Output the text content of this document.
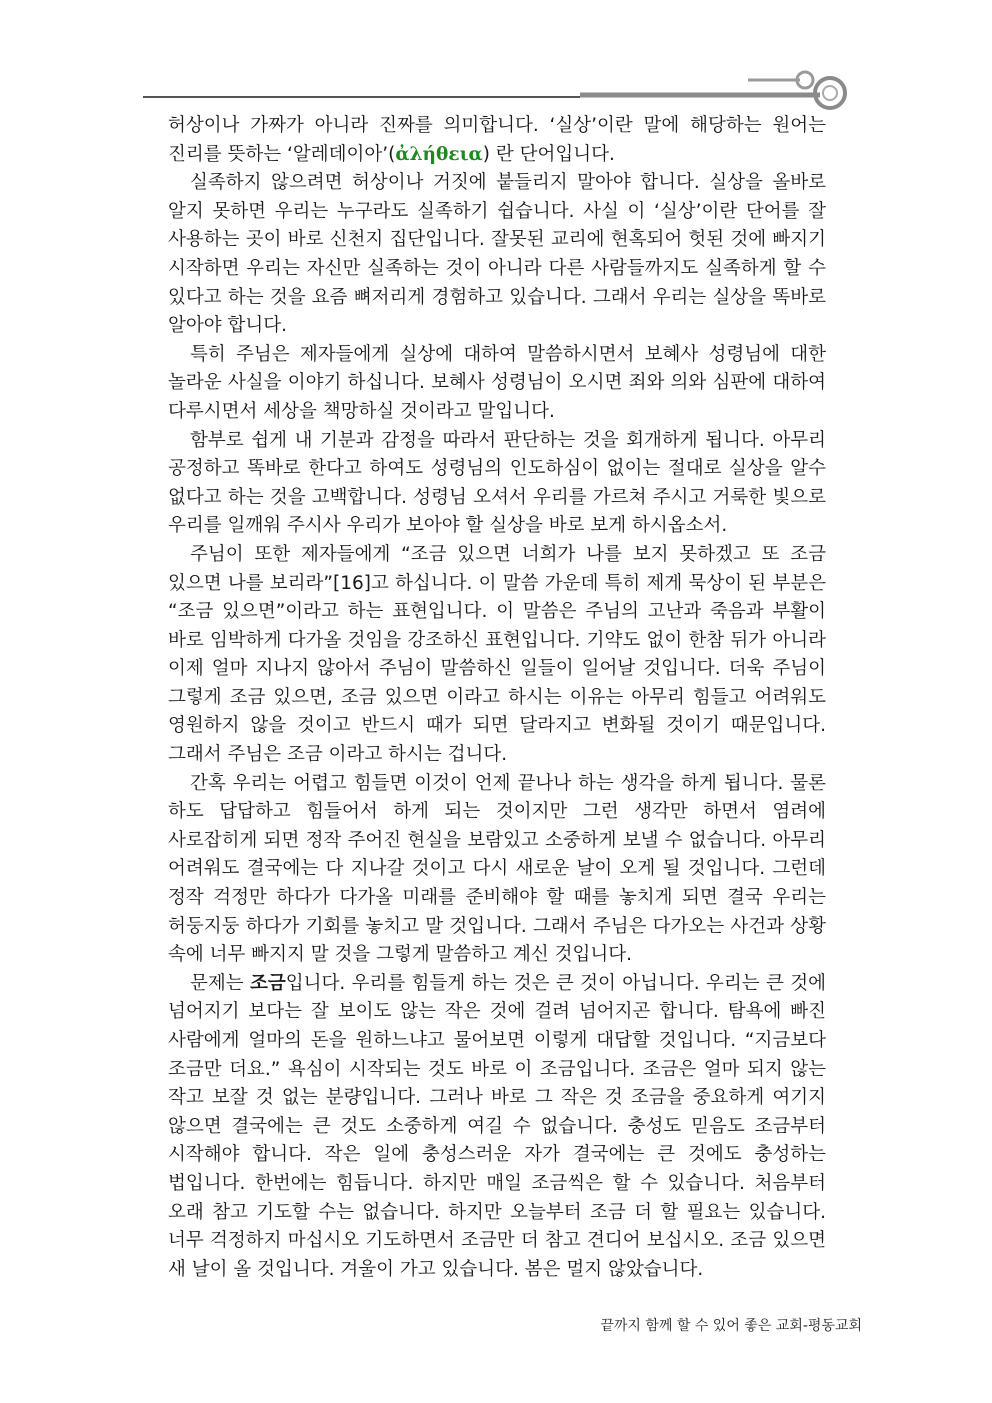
허상이나 가짜가 아니라 진짜를 의미합니다. ‘실상’이란 말에 해당하는 원어는 진리를 뜻하는 ‘알레데이아’(ἀλήθεια) 란 단어입니다.

실족하지 않으려면 허상이나 거짓에 붙들리지 말아야 합니다. 실상을 올바로 알지 못하면 우리는 누구라도 실족하기 쉽습니다. 사실 이 ‘실상’이란 단어를 잘 사용하는 곳이 바로 신천지 집단입니다. 잘못된 교리에 현혹되어 헛된 것에 빠지기 시작하면 우리는 자신만 실족하는 것이 아니라 다른 사람들까지도 실족하게 할 수 있다고 하는 것을 요즘 뼈저리게 경험하고 있습니다. 그래서 우리는 실상을 똑바로 알아야 합니다.

특히 주님은 제자들에게 실상에 대하여 말씀하시면서 보혜사 성령님에 대한 놀라운 사실을 이야기 하십니다. 보혜사 성령님이 오시면 죄와 의와 심판에 대하여 다루시면서 세상을 책망하실 것이라고 말입니다.

함부로 쉽게 내 기분과 감정을 따라서 판단하는 것을 회개하게 됩니다. 아무리 공정하고 똑바로 한다고 하여도 성령님의 인도하심이 없이는 절대로 실상을 알수 없다고 하는 것을 고백합니다. 성령님 오셔서 우리를 가르쳐 주시고 거룩한 빛으로 우리를 일깨워 주시사 우리가 보아야 할 실상을 바로 보게 하시옵소서.

주님이 또한 제자들에게 “조금 있으면 너희가 나를 보지 못하겠고 또 조금 있으면 나를 보리라”[16]고 하십니다. 이 말씀 가운데 특히 제게 묵상이 된 부분은 “조금 있으면”이라고 하는 표현입니다. 이 말씀은 주님의 고난과 죽음과 부활이 바로 임박하게 다가올 것임을 강조하신 표현입니다. 기약도 없이 한참 뒤가 아니라 이제 얼마 지나지 않아서 주님이 말씀하신 일들이 일어날 것입니다. 더욱 주님이 그렇게 조금 있으면, 조금 있으면 이라고 하시는 이유는 아무리 힘들고 어려워도 영원하지 않을 것이고 반드시 때가 되면 달라지고 변화될 것이기 때문입니다. 그래서 주님은 조금 이라고 하시는 겁니다.

간혹 우리는 어렵고 힘들면 이것이 언제 끝나나 하는 생각을 하게 됩니다. 물론 하도 답답하고 힘들어서 하게 되는 것이지만 그런 생각만 하면서 염려에 사로잡히게 되면 정작 주어진 현실을 보람있고 소중하게 보낼 수 없습니다. 아무리 어려워도 결국에는 다 지나갈 것이고 다시 새로운 날이 오게 될 것입니다. 그런데 정작 걱정만 하다가 다가올 미래를 준비해야 할 때를 놓치게 되면 결국 우리는 허둥지둥 하다가 기회를 놓치고 말 것입니다. 그래서 주님은 다가오는 사건과 상황 속에 너무 빠지지 말 것을 그렇게 말씀하고 계신 것입니다.

문제는 조금입니다. 우리를 힘들게 하는 것은 큰 것이 아닙니다. 우리는 큰 것에 넘어지기 보다는 잘 보이도 않는 작은 것에 걸려 넘어지곤 합니다. 탐욕에 빠진 사람에게 얼마의 돈을 원하느냐고 물어보면 이렇게 대답할 것입니다. “지금보다 조금만 더요.” 욕심이 시작되는 것도 바로 이 조금입니다. 조금은 얼마 되지 않는 작고 보잘 것 없는 분량입니다. 그러나 바로 그 작은 것 조금을 중요하게 여기지 않으면 결국에는 큰 것도 소중하게 여길 수 없습니다. 충성도 믿음도 조금부터 시작해야 합니다. 작은 일에 충성스러운 자가 결국에는 큰 것에도 충성하는 법입니다. 한번에는 힘듭니다. 하지만 매일 조금씩은 할 수 있습니다. 처음부터 오래 참고 기도할 수는 없습니다. 하지만 오늘부터 조금 더 할 필요는 있습니다. 너무 걱정하지 마십시오 기도하면서 조금만 더 참고 견디어 보십시오. 조금 있으면 새 날이 올 것입니다. 겨울이 가고 있습니다. 봄은 멀지 않았습니다.

끝까지 함께 할 수 있어 좋은 교회-평동교회
